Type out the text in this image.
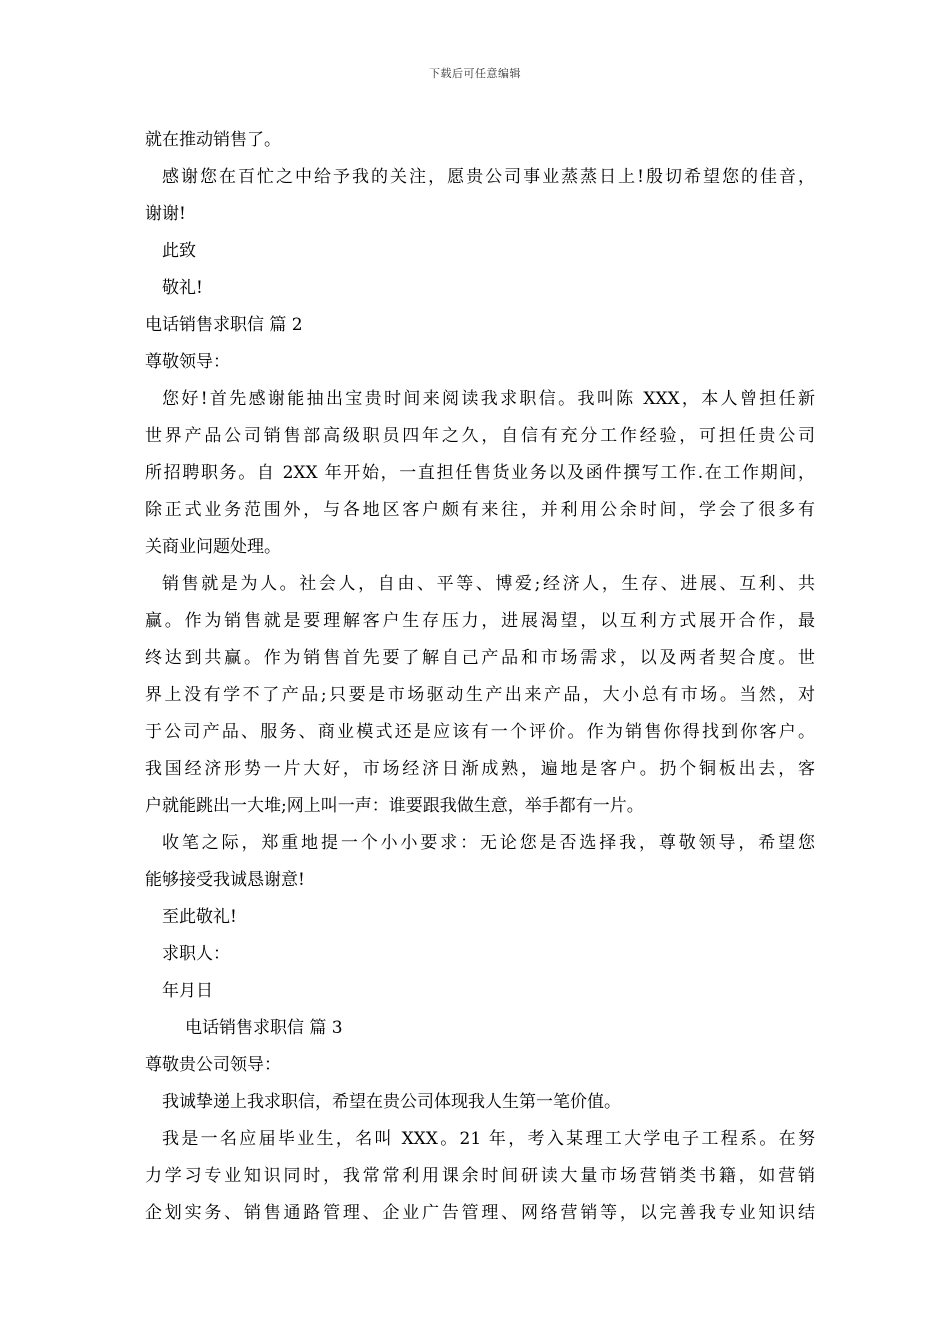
下载后可任意编辑
就在推动销售了。
感谢您在百忙之中给予我的关注，愿贵公司事业蒸蒸日上!殷切希望您的佳音，
谢谢!
此致
敬礼!
电话销售求职信 篇 2
尊敬领导：
您好!首先感谢能抽出宝贵时间来阅读我求职信。我叫陈 XXX，本人曾担任新
世界产品公司销售部高级职员四年之久，自信有充分工作经验，可担任贵公司
所招聘职务。自 2XX 年开始，一直担任售货业务以及函件撰写工作.在工作期间，
除正式业务范围外，与各地区客户颇有来往，并利用公余时间，学会了很多有
关商业问题处理。
销售就是为人。社会人，自由、平等、博爱;经济人，生存、进展、互利、共
赢。作为销售就是要理解客户生存压力，进展渴望，以互利方式展开合作，最
终达到共赢。作为销售首先要了解自己产品和市场需求，以及两者契合度。世
界上没有学不了产品;只要是市场驱动生产出来产品，大小总有市场。当然，对
于公司产品、服务、商业模式还是应该有一个评价。作为销售你得找到你客户。
我国经济形势一片大好，市场经济日渐成熟，遍地是客户。扔个铜板出去，客
户就能跳出一大堆;网上叫一声：谁要跟我做生意，举手都有一片。
收笔之际，郑重地提一个小小要求：无论您是否选择我，尊敬领导，希望您
能够接受我诚恳谢意!
至此敬礼!
求职人：
年月日
电话销售求职信 篇 3
尊敬贵公司领导：
我诚挚递上我求职信，希望在贵公司体现我人生第一笔价值。
我是一名应届毕业生，名叫 XXX。21 年，考入某理工大学电子工程系。在努
力学习专业知识同时，我常常利用课余时间研读大量市场营销类书籍，如营销
企划实务、销售通路管理、企业广告管理、网络营销等，以完善我专业知识结
